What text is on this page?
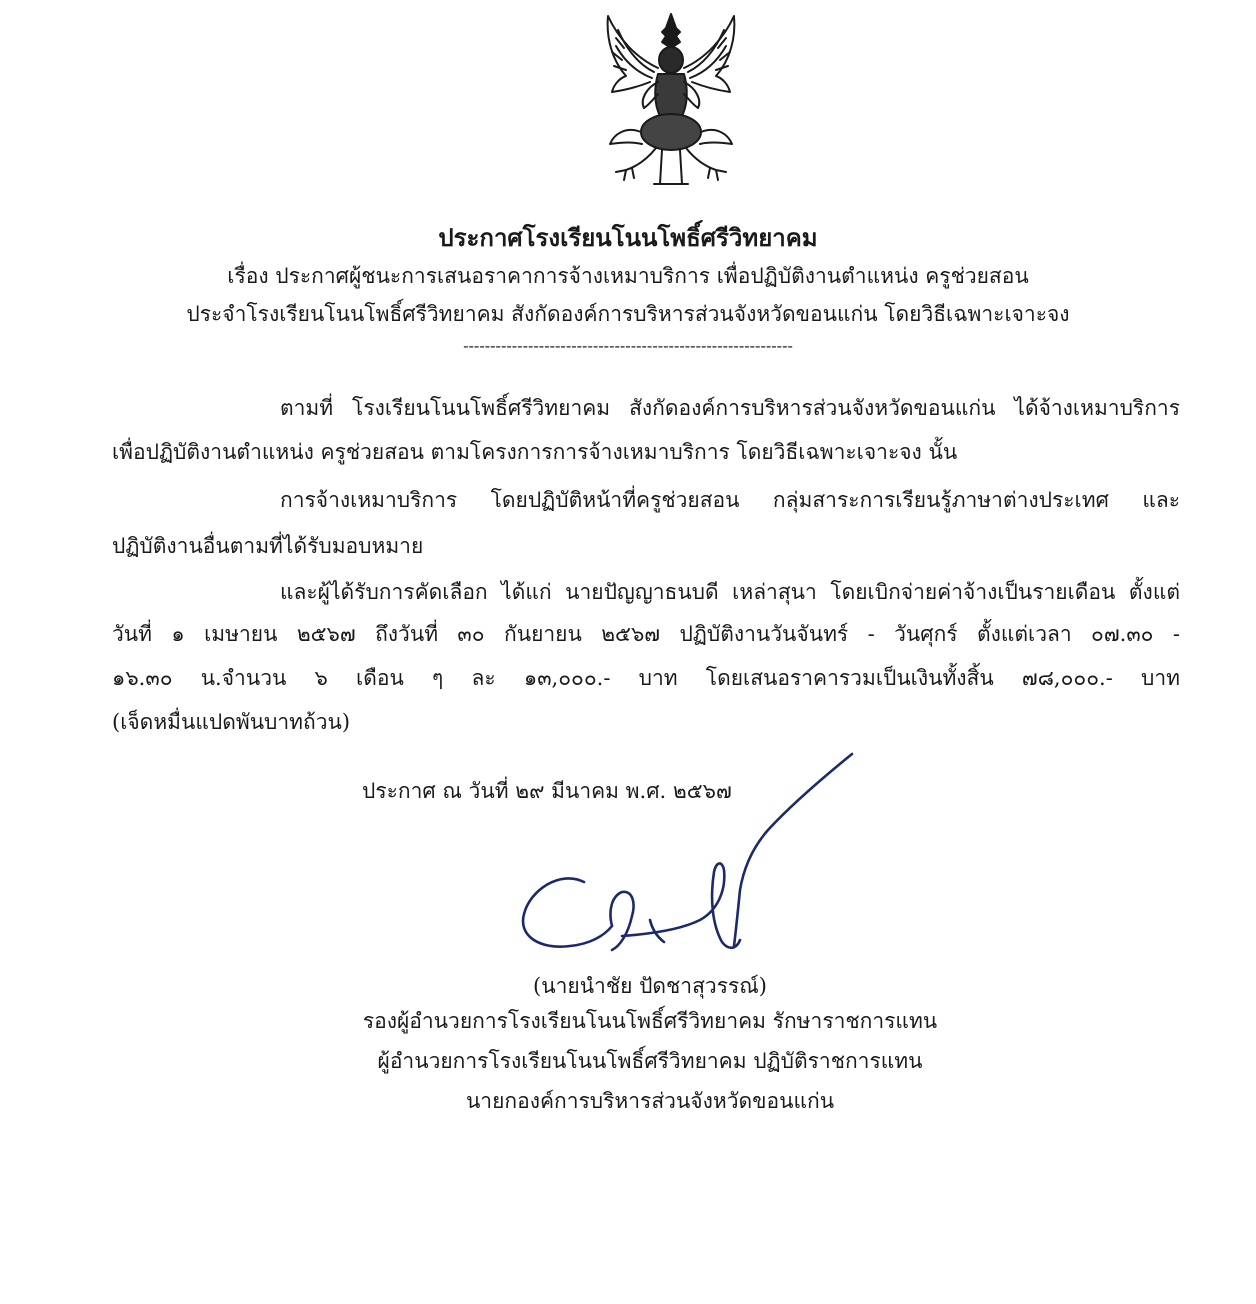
ประกาศโรงเรียนโนนโพธิ์ศรีวิทยาคม
เรื่อง ประกาศผู้ชนะการเสนอราคาการจ้างเหมาบริการ เพื่อปฏิบัติงานตำแหน่ง ครูช่วยสอน
ประจำโรงเรียนโนนโพธิ์ศรีวิทยาคม สังกัดองค์การบริหารส่วนจังหวัดขอนแก่น โดยวิธีเฉพาะเจาะจง
-------------------------------------------------------------
ตามที่ โรงเรียนโนนโพธิ์ศรีวิทยาคม สังกัดองค์การบริหารส่วนจังหวัดขอนแก่น ได้จ้างเหมาบริการ
เพื่อปฏิบัติงานตำแหน่ง ครูช่วยสอน ตามโครงการการจ้างเหมาบริการ โดยวิธีเฉพาะเจาะจง นั้น
การจ้างเหมาบริการ โดยปฏิบัติหน้าที่ครูช่วยสอน กลุ่มสาระการเรียนรู้ภาษาต่างประเทศ และ
ปฏิบัติงานอื่นตามที่ได้รับมอบหมาย
และผู้ได้รับการคัดเลือก ได้แก่ นายปัญญาธนบดี เหล่าสุนา โดยเบิกจ่ายค่าจ้างเป็นรายเดือน ตั้งแต่
วันที่ ๑ เมษายน ๒๕๖๗ ถึงวันที่ ๓๐ กันยายน ๒๕๖๗ ปฏิบัติงานวันจันทร์ - วันศุกร์ ตั้งแต่เวลา ๐๗.๓๐ -
๑๖.๓๐ น.จำนวน ๖ เดือน ๆ ละ ๑๓,๐๐๐.- บาท โดยเสนอราคารวมเป็นเงินทั้งสิ้น ๗๘,๐๐๐.- บาท
(เจ็ดหมื่นแปดพันบาทถ้วน)
ประกาศ ณ วันที่ ๒๙ มีนาคม พ.ศ. ๒๕๖๗
(นายนำชัย ปัดชาสุวรรณ์)
รองผู้อำนวยการโรงเรียนโนนโพธิ์ศรีวิทยาคม รักษาราชการแทน
ผู้อำนวยการโรงเรียนโนนโพธิ์ศรีวิทยาคม ปฏิบัติราชการแทน
นายกองค์การบริหารส่วนจังหวัดขอนแก่น
